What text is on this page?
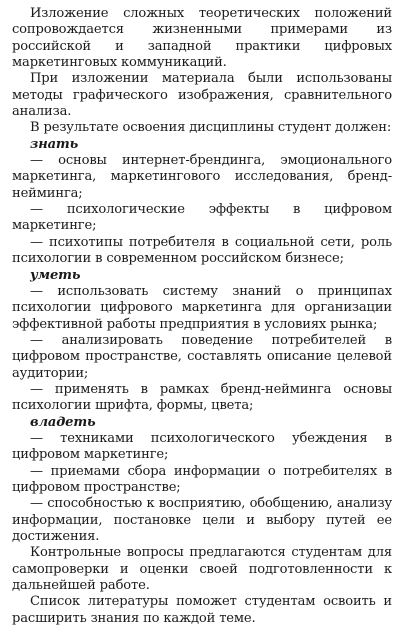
Изложение сложных теоретических положений сопровождается жизненными примерами из российской и западной практики цифровых маркетинговых коммуникаций.

При изложении материала были использованы методы графического изображения, сравнительного анализа.

В результате освоения дисциплины студент должен:

знать

— основы интернет-брендинга, эмоционального маркетинга, маркетингового исследования, бренд-нейминга;

— психологические эффекты в цифровом маркетинге;

— психотипы потребителя в социальной сети, роль психологии в современном российском бизнесе;

уметь

— использовать систему знаний о принципах психологии цифрового маркетинга для организации эффективной работы предприятия в условиях рынка;

— анализировать поведение потребителей в цифровом пространстве, составлять описание целевой аудитории;

— применять в рамках бренд-нейминга основы психологии шрифта, формы, цвета;

владеть

— техниками психологического убеждения в цифровом маркетинге;

— приемами сбора информации о потребителях в цифровом пространстве;

— способностью к восприятию, обобщению, анализу информации, постановке цели и выбору путей ее достижения.

Контрольные вопросы предлагаются студентам для самопроверки и оценки своей подготовленности к дальнейшей работе.

Список литературы поможет студентам освоить и расширить знания по каждой теме.
